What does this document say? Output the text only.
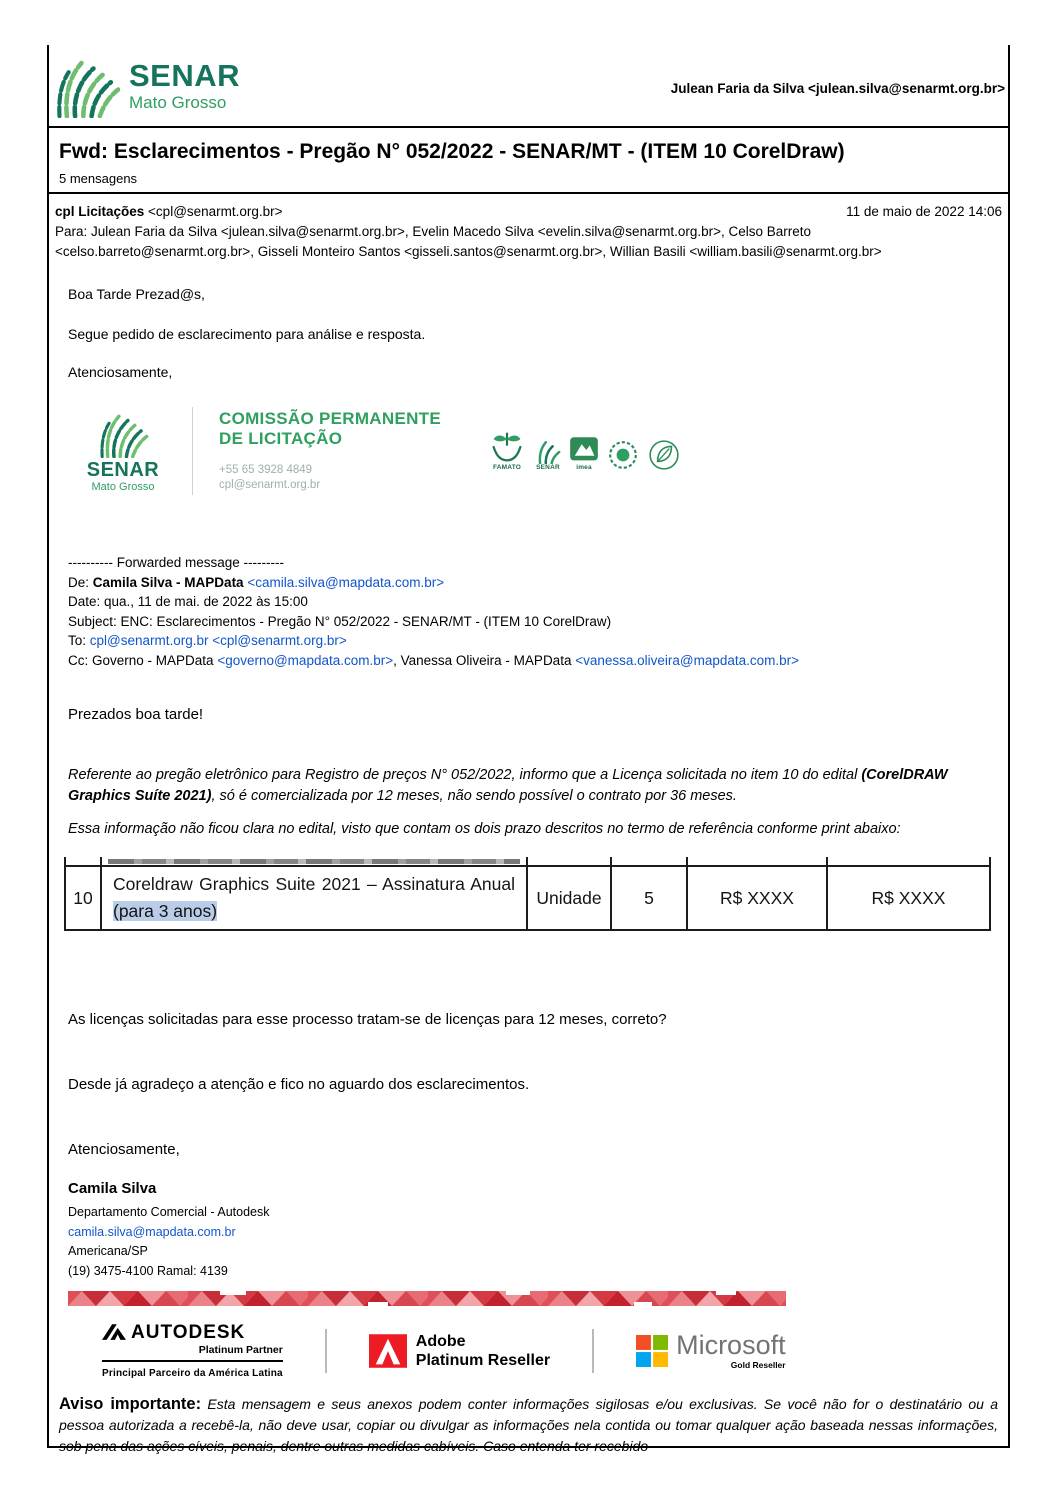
SENAR
Mato Grosso
Julean Faria da Silva <julean.silva@senarmt.org.br>
Fwd: Esclarecimentos - Pregão N° 052/2022 - SENAR/MT - (ITEM 10 CorelDraw)
5 mensagens
cpl Licitações <cpl@senarmt.org.br>	11 de maio de 2022 14:06
Para: Julean Faria da Silva <julean.silva@senarmt.org.br>, Evelin Macedo Silva <evelin.silva@senarmt.org.br>, Celso Barreto
<celso.barreto@senarmt.org.br>, Gisseli Monteiro Santos <gisseli.santos@senarmt.org.br>, Willian Basili <william.basili@senarmt.org.br>

Boa Tarde Prezad@s,

Segue pedido de esclarecimento para análise e resposta.

Atenciosamente,

SENAR
Mato Grosso
COMISSÃO PERMANENTE
DE LICITAÇÃO
+55 65 3928 4849
cpl@senarmt.org.br
FAMATO SENAR	imea
---------- Forwarded message ---------
De: Camila Silva - MAPData <camila.silva@mapdata.com.br>
Date: qua., 11 de mai. de 2022 às 15:00
Subject: ENC: Esclarecimentos - Pregão N° 052/2022 - SENAR/MT - (ITEM 10 CorelDraw)
To: cpl@senarmt.org.br <cpl@senarmt.org.br>
Cc: Governo - MAPData <governo@mapdata.com.br>, Vanessa Oliveira - MAPData <vanessa.oliveira@mapdata.com.br>

Prezados boa tarde!

Referente ao pregão eletrônico para Registro de preços N° 052/2022, informo que a Licença solicitada no item 10 do edital (CorelDRAW Graphics Suíte 2021), só é comercializada por 12 meses, não sendo possível o contrato por 36 meses.

Essa informação não ficou clara no edital, visto que contam os dois prazo descritos no termo de referência conforme print abaixo:

10	Coreldraw Graphics Suite 2021 – Assinatura Anual (para 3 anos)	Unidade	5	R$ XXXX	R$ XXXX

As licenças solicitadas para esse processo tratam-se de licenças para 12 meses, correto?

Desde já agradeço a atenção e fico no aguardo dos esclarecimentos.

Atenciosamente,

Camila Silva

Departamento Comercial - Autodesk
camila.silva@mapdata.com.br
Americana/SP
(19) 3475-4100 Ramal: 4139
AUTODESK
Platinum Partner
Principal Parceiro da América Latina
Adobe
Platinum Reseller	Microsoft
Gold Reseller
Aviso importante: Esta mensagem e seus anexos podem conter informações sigilosas e/ou exclusivas. Se você não for o destinatário ou a pessoa autorizada a recebê-la, não deve usar, copiar ou divulgar as informações nela contida ou tomar qualquer ação baseada nessas informações, sob pena das ações cíveis, penais, dentre outras medidas cabíveis. Caso entenda ter recebido
